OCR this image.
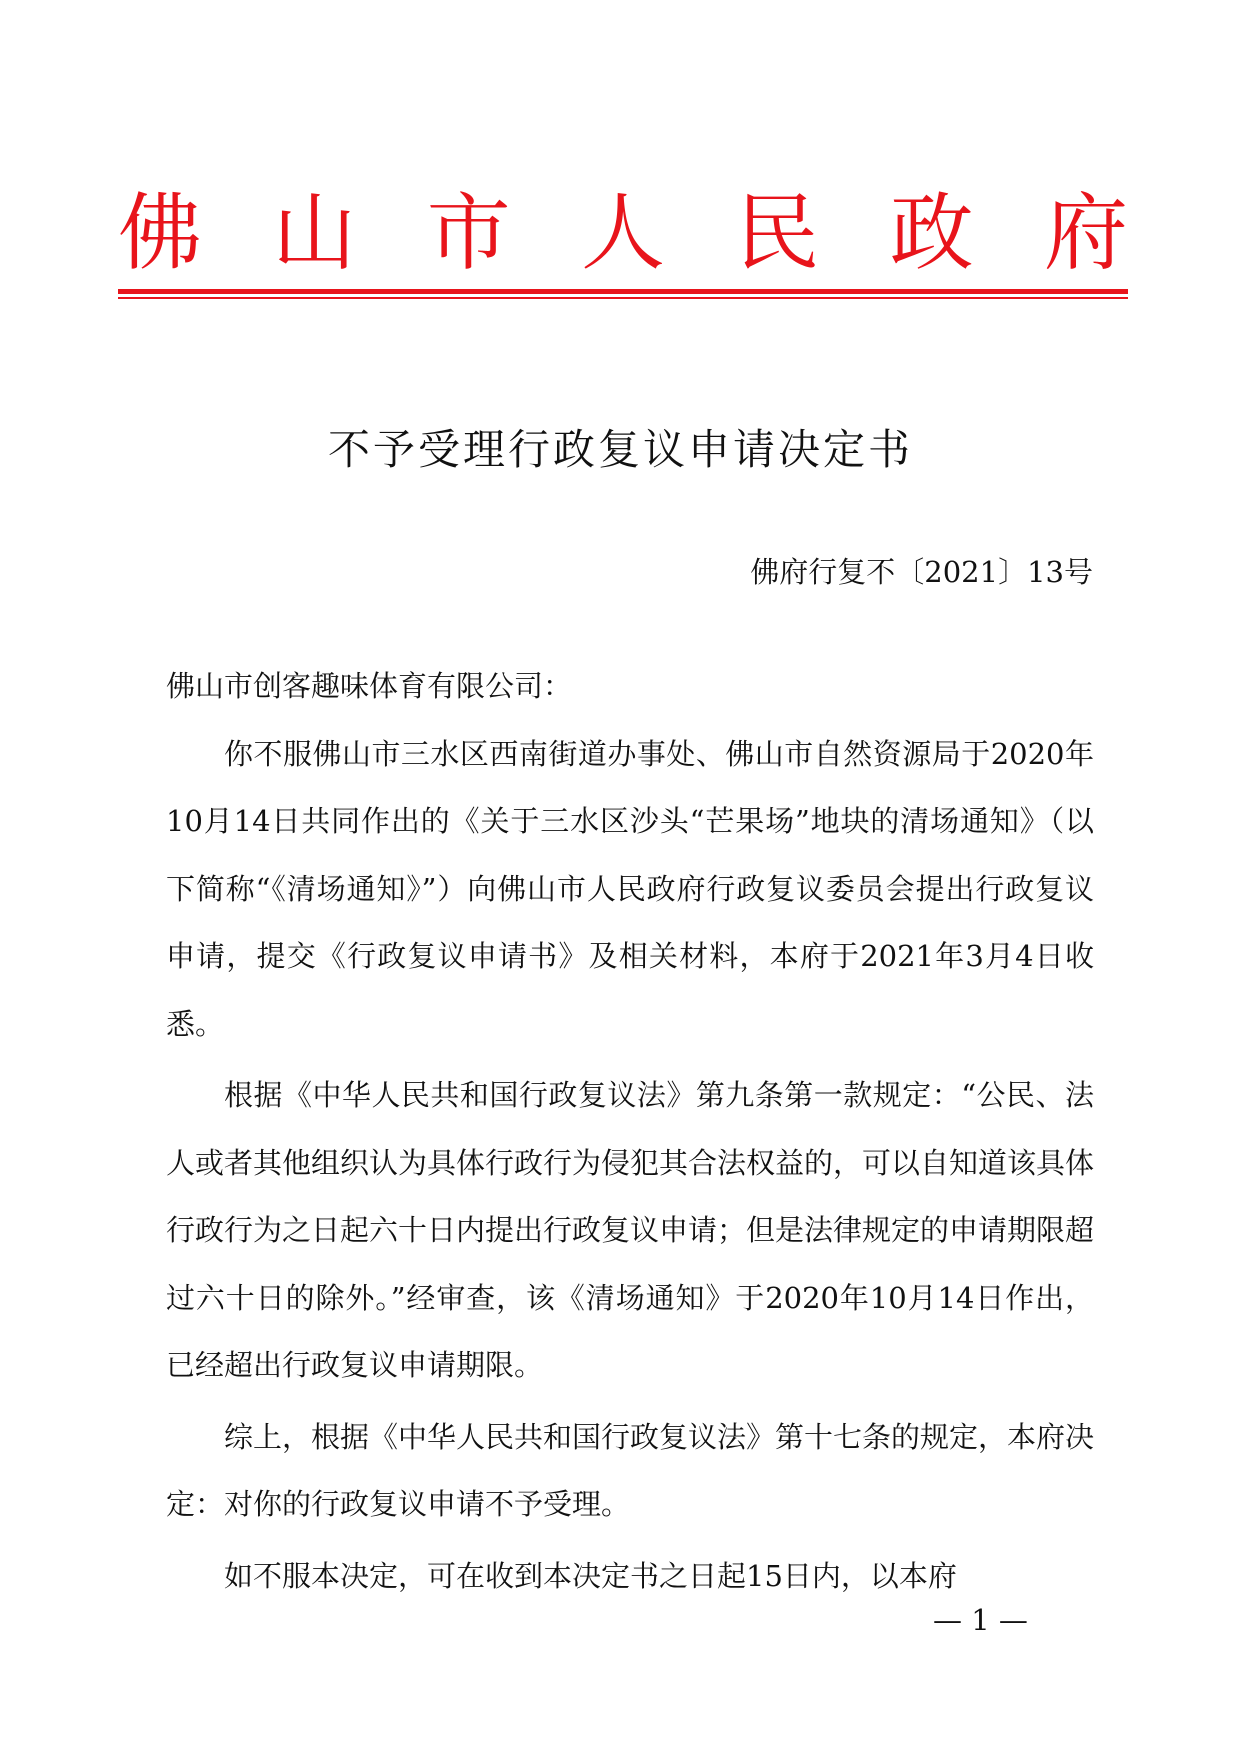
佛 山 市 人 民 政 府
不予受理行政复议申请决定书
佛府行复不〔2021〕13号

佛山市创客趣味体育有限公司：

你不服佛山市三水区西南街道办事处、佛山市自然资源局于2020年10月14日共同作出的《关于三水区沙头“芒果场”地块的清场通知》（以下简称“《清场通知》”）向佛山市人民政府行政复议委员会提出行政复议申请，提交《行政复议申请书》及相关材料，本府于2021年3月4日收悉。

根据《中华人民共和国行政复议法》第九条第一款规定：“公民、法人或者其他组织认为具体行政行为侵犯其合法权益的，可以自知道该具体行政行为之日起六十日内提出行政复议申请；但是法律规定的申请期限超过六十日的除外。”经审查，该《清场通知》于2020年10月14日作出，已经超出行政复议申请期限。

综上，根据《中华人民共和国行政复议法》第十七条的规定，本府决定：对你的行政复议申请不予受理。

如不服本决定，可在收到本决定书之日起15日内，以本府

— 1 —
